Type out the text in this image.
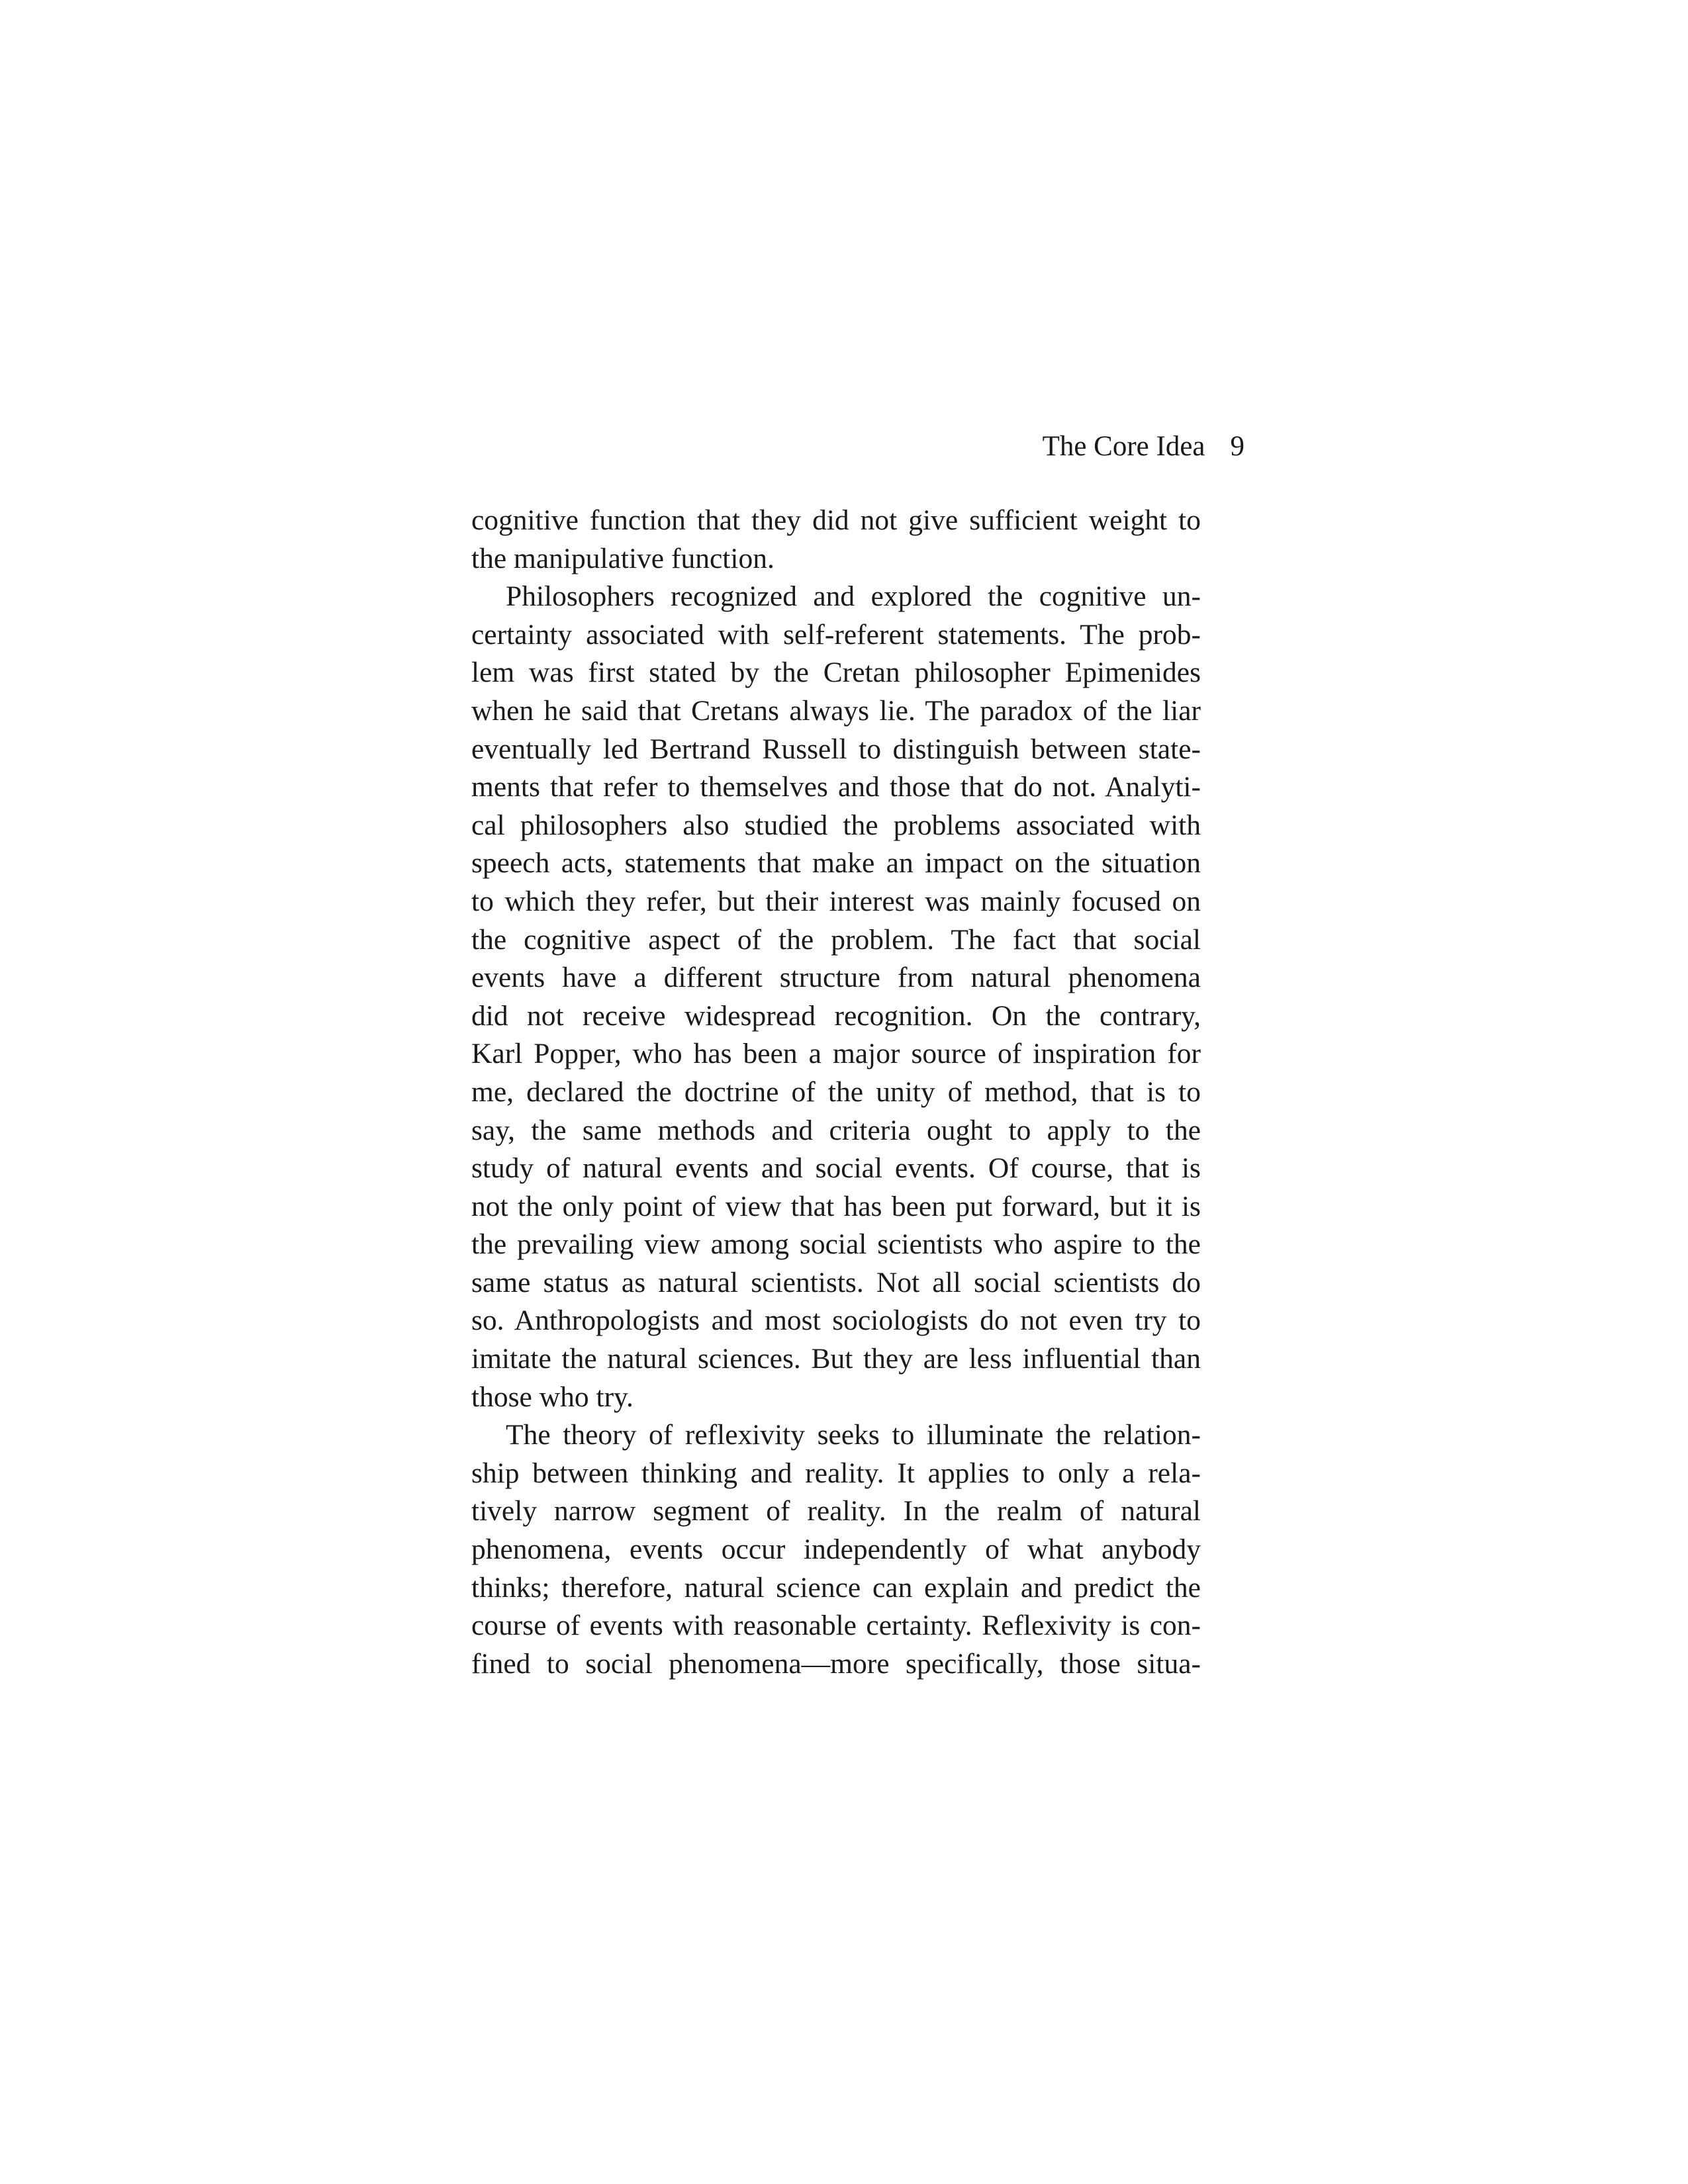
The Core Idea 9
cognitive function that they did not give sufficient weight to
the manipulative function.
Philosophers recognized and explored the cognitive un-
certainty associated with self-referent statements. The prob-
lem was first stated by the Cretan philosopher Epimenides
when he said that Cretans always lie. The paradox of the liar
eventually led Bertrand Russell to distinguish between state-
ments that refer to themselves and those that do not. Analyti-
cal philosophers also studied the problems associated with
speech acts, statements that make an impact on the situation
to which they refer, but their interest was mainly focused on
the cognitive aspect of the problem. The fact that social
events have a different structure from natural phenomena
did not receive widespread recognition. On the contrary,
Karl Popper, who has been a major source of inspiration for
me, declared the doctrine of the unity of method, that is to
say, the same methods and criteria ought to apply to the
study of natural events and social events. Of course, that is
not the only point of view that has been put forward, but it is
the prevailing view among social scientists who aspire to the
same status as natural scientists. Not all social scientists do
so. Anthropologists and most sociologists do not even try to
imitate the natural sciences. But they are less influential than
those who try.
The theory of reflexivity seeks to illuminate the relation-
ship between thinking and reality. It applies to only a rela-
tively narrow segment of reality. In the realm of natural
phenomena, events occur independently of what anybody
thinks; therefore, natural science can explain and predict the
course of events with reasonable certainty. Reflexivity is con-
fined to social phenomena—more specifically, those situa-
